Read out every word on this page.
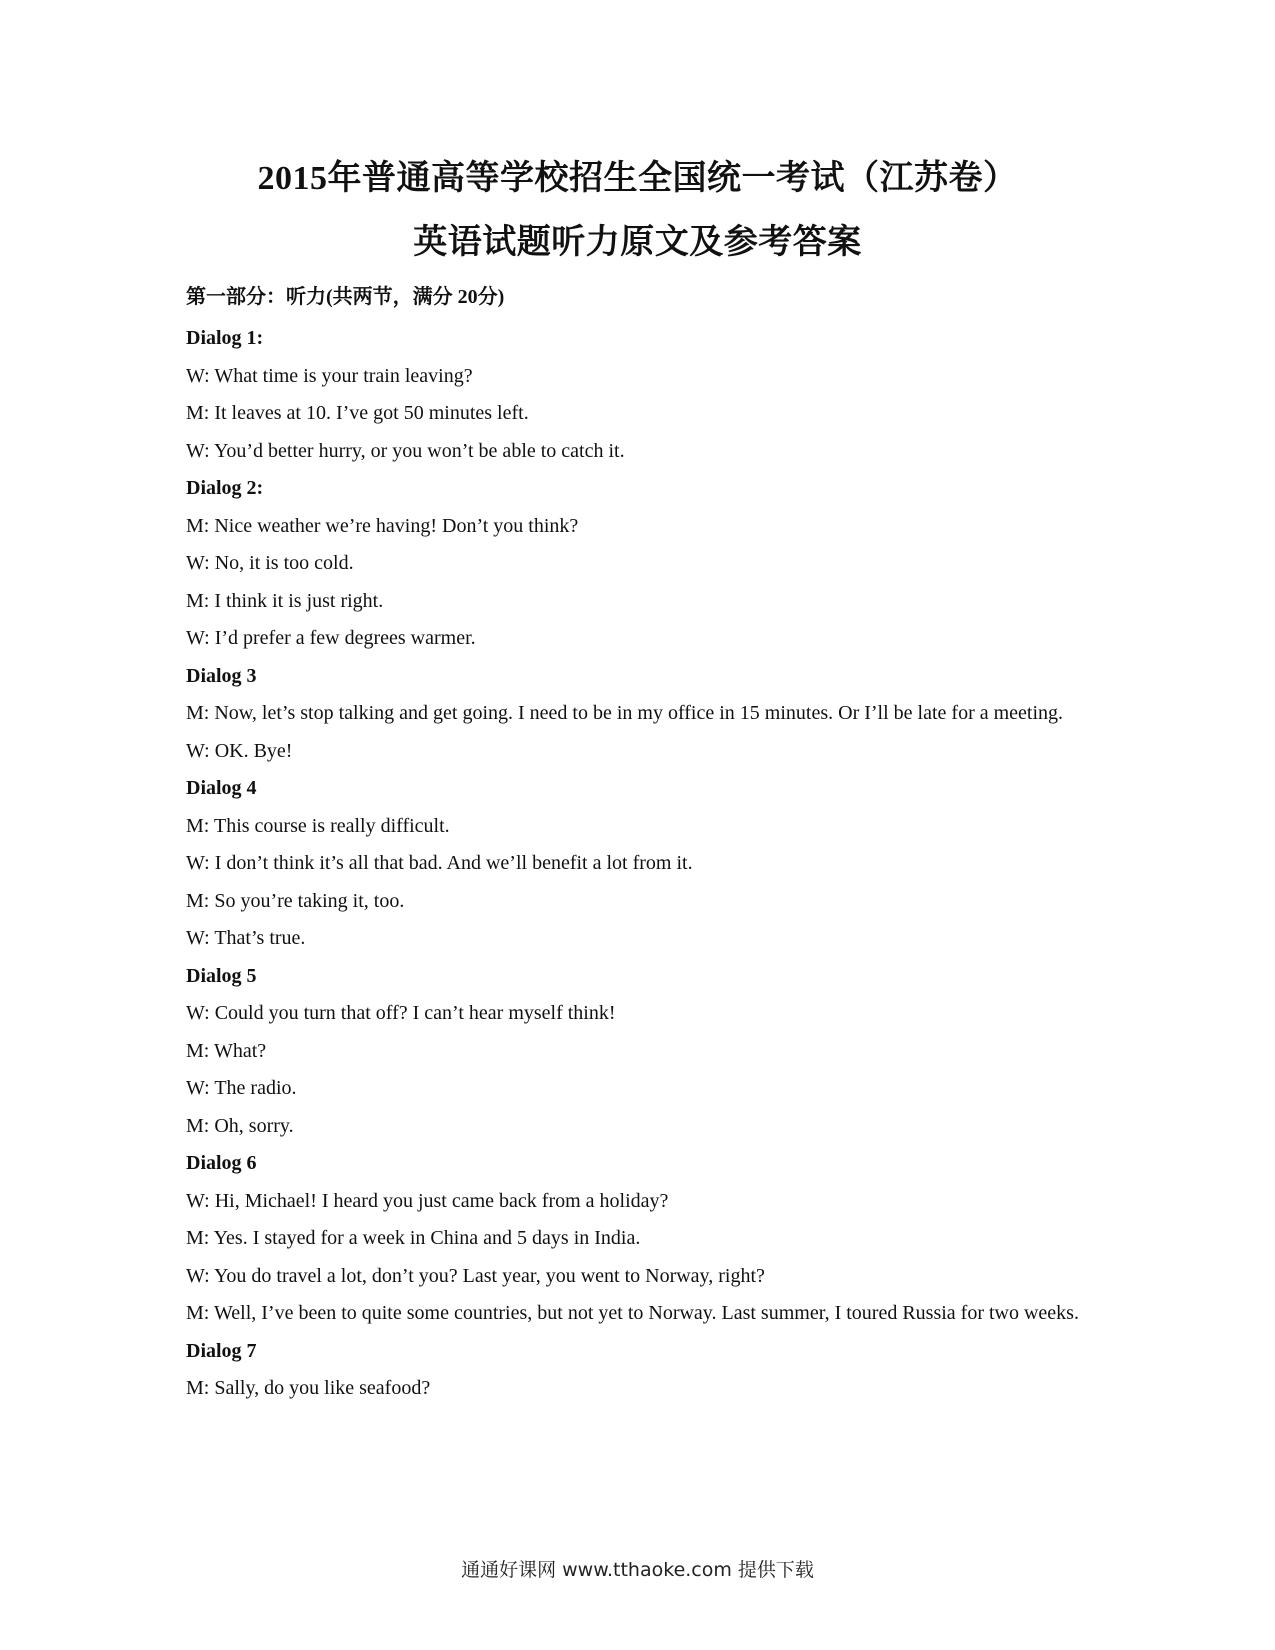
2015年普通高等学校招生全国统一考试（江苏卷）
英语试题听力原文及参考答案
第一部分：听力(共两节，满分 20分)
Dialog 1:
W: What time is your train leaving?
M: It leaves at 10. I’ve got 50 minutes left.
W: You’d better hurry, or you won’t be able to catch it.
Dialog 2:
M: Nice weather we’re having! Don’t you think?
W: No, it is too cold.
M: I think it is just right.
W: I’d prefer a few degrees warmer.
Dialog 3
M: Now, let’s stop talking and get going. I need to be in my office in 15 minutes. Or I’ll be late for a meeting.
W: OK. Bye!
Dialog 4
M: This course is really difficult.
W: I don’t think it’s all that bad. And we’ll benefit a lot from it.
M: So you’re taking it, too.
W: That’s true.
Dialog 5
W: Could you turn that off? I can’t hear myself think!
M: What?
W: The radio.
M: Oh, sorry.
Dialog 6
W: Hi, Michael! I heard you just came back from a holiday?
M: Yes. I stayed for a week in China and 5 days in India.
W: You do travel a lot, don’t you? Last year, you went to Norway, right?
M: Well, I’ve been to quite some countries, but not yet to Norway. Last summer, I toured Russia for two weeks.
Dialog 7
M: Sally, do you like seafood?
通通好课网 www.tthaoke.com 提供下载
